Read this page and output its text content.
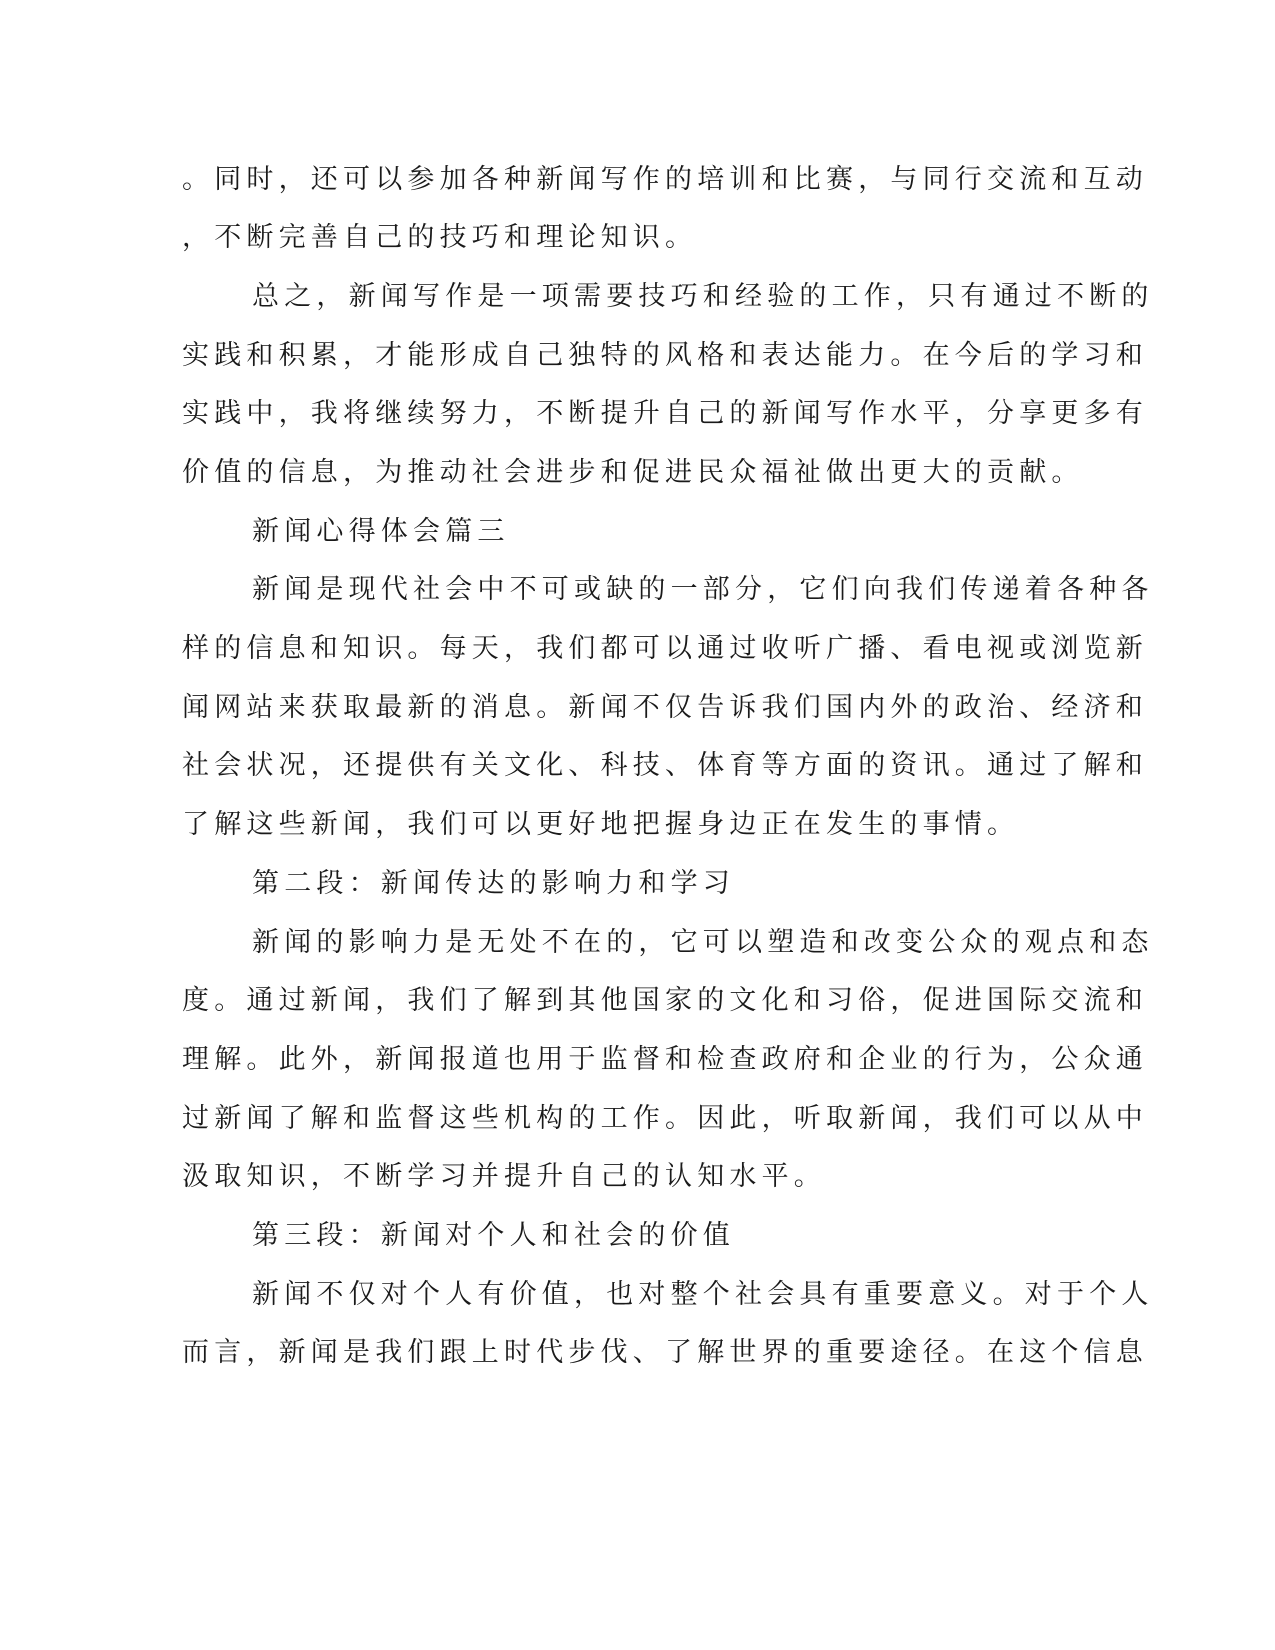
。同时，还可以参加各种新闻写作的培训和比赛，与同行交流和互动
，不断完善自己的技巧和理论知识。
总之，新闻写作是一项需要技巧和经验的工作，只有通过不断的
实践和积累，才能形成自己独特的风格和表达能力。在今后的学习和
实践中，我将继续努力，不断提升自己的新闻写作水平，分享更多有
价值的信息，为推动社会进步和促进民众福祉做出更大的贡献。
新闻心得体会篇三
新闻是现代社会中不可或缺的一部分，它们向我们传递着各种各
样的信息和知识。每天，我们都可以通过收听广播、看电视或浏览新
闻网站来获取最新的消息。新闻不仅告诉我们国内外的政治、经济和
社会状况，还提供有关文化、科技、体育等方面的资讯。通过了解和
了解这些新闻，我们可以更好地把握身边正在发生的事情。
第二段：新闻传达的影响力和学习
新闻的影响力是无处不在的，它可以塑造和改变公众的观点和态
度。通过新闻，我们了解到其他国家的文化和习俗，促进国际交流和
理解。此外，新闻报道也用于监督和检查政府和企业的行为，公众通
过新闻了解和监督这些机构的工作。因此，听取新闻，我们可以从中
汲取知识，不断学习并提升自己的认知水平。
第三段：新闻对个人和社会的价值
新闻不仅对个人有价值，也对整个社会具有重要意义。对于个人
而言，新闻是我们跟上时代步伐、了解世界的重要途径。在这个信息
